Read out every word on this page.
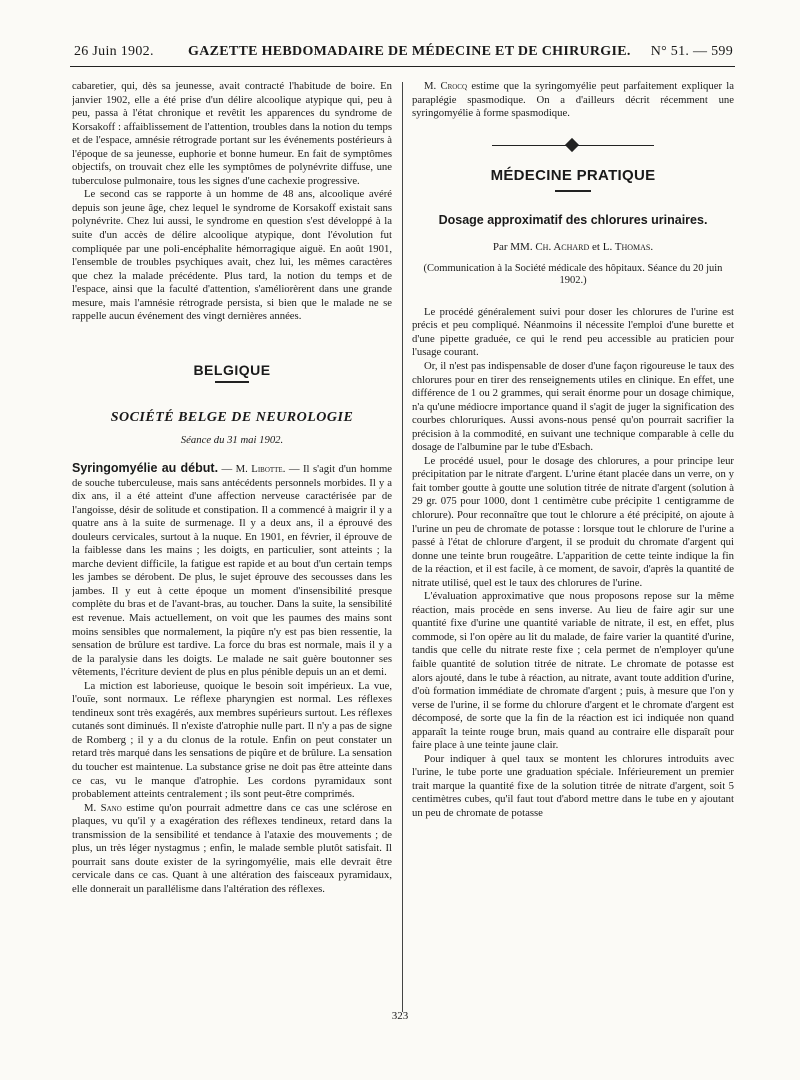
26 Juin 1902. GAZETTE HEBDOMADAIRE DE MÉDECINE ET DE CHIRURGIE. N° 51. — 599

cabaretier, qui, dès sa jeunesse, avait contracté l'habitude de boire. En janvier 1902, elle a été prise d'un délire alcoolique atypique qui, peu à peu, passa à l'état chronique et revêtit les apparences du syndrome de Korsakoff : affaiblissement de l'attention, troubles dans la notion du temps et de l'espace, amnésie rétrograde portant sur les événements postérieurs à l'époque de sa jeunesse, euphorie et bonne humeur. En fait de symptômes objectifs, on trouvait chez elle les symptômes de polynévrite diffuse, une tuberculose pulmonaire, tous les signes d'une cachexie progressive.

Le second cas se rapporte à un homme de 48 ans, alcoolique avéré depuis son jeune âge, chez lequel le syndrome de Korsakoff existait sans polynévrite. Chez lui aussi, le syndrome en question s'est développé à la suite d'un accès de délire alcoolique atypique, dont l'évolution fut compliquée par une poli-encéphalite hémorragique aiguë. En août 1901, l'ensemble de troubles psychiques avait, chez lui, les mêmes caractères que chez la malade précédente. Plus tard, la notion du temps et de l'espace, ainsi que la faculté d'attention, s'améliorèrent dans une grande mesure, mais l'amnésie rétrograde persista, si bien que le malade ne se rappelle aucun événement des vingt dernières années.

BELGIQUE
SOCIÉTÉ BELGE DE NEUROLOGIE
Séance du 31 mai 1902.

Syringomyélie au début. — M. Libotte. — Il s'agit d'un homme de souche tuberculeuse, mais sans antécédents personnels morbides. Il y a dix ans, il a été atteint d'une affection nerveuse caractérisée par de l'angoisse, désir de solitude et constipation. Il a commencé à maigrir il y a quatre ans à la suite de surmenage. Il y a deux ans, il a éprouvé des douleurs cervicales, surtout à la nuque. En 1901, en février, il éprouve de la faiblesse dans les mains ; les doigts, en particulier, sont atteints ; la marche devient difficile, la fatigue est rapide et au bout d'un certain temps les jambes se dérobent. De plus, le sujet éprouve des secousses dans les jambes. Il y eut à cette époque un moment d'insensibilité presque complète du bras et de l'avant-bras, au toucher. Dans la suite, la sensibilité est revenue. Mais actuellement, on voit que les paumes des mains sont moins sensibles que normalement, la piqûre n'y est pas bien ressentie, la sensation de brûlure est tardive. La force du bras est normale, mais il y a de la paralysie dans les doigts. Le malade ne sait guère boutonner ses vêtements, l'écriture devient de plus en plus pénible depuis un an et demi.

La miction est laborieuse, quoique le besoin soit impérieux. La vue, l'ouïe, sont normaux. Le réflexe pharyngien est normal. Les réflexes tendineux sont très exagérés, aux membres supérieurs surtout. Les réflexes cutanés sont diminués. Il n'existe d'atrophie nulle part. Il n'y a pas de signe de Romberg ; il y a du clonus de la rotule. Enfin on peut constater un retard très marqué dans les sensations de piqûre et de brûlure. La sensation du toucher est maintenue. La substance grise ne doit pas être atteinte dans ce cas, vu le manque d'atrophie. Les cordons pyramidaux sont probablement atteints centralement ; ils sont peut-être comprimés.

M. Sano estime qu'on pourrait admettre dans ce cas une sclérose en plaques, vu qu'il y a exagération des réflexes tendineux, retard dans la transmission de la sensibilité et tendance à l'ataxie des mouvements ; de plus, un très léger nystagmus ; enfin, le malade semble plutôt satisfait. Il pourrait sans doute exister de la syringomyélie, mais elle devrait être cervicale dans ce cas. Quant à une altération des faisceaux pyramidaux, elle donnerait un parallélisme dans l'altération des réflexes.

M. Crocq estime que la syringomyélie peut parfaitement expliquer la paraplégie spasmodique. On a d'ailleurs décrit récemment une syringomyélie à forme spasmodique.

MÉDECINE PRATIQUE
Dosage approximatif des chlorures urinaires.
Par MM. Ch. Achard et L. Thomas.
(Communication à la Société médicale des hôpitaux. Séance du 20 juin 1902.)

Le procédé généralement suivi pour doser les chlorures de l'urine est précis et peu compliqué. Néanmoins il nécessite l'emploi d'une burette et d'une pipette graduée, ce qui le rend peu accessible au praticien pour l'usage courant.

Or, il n'est pas indispensable de doser d'une façon rigoureuse le taux des chlorures pour en tirer des renseignements utiles en clinique. En effet, une différence de 1 ou 2 grammes, qui serait énorme pour un dosage chimique, n'a qu'une médiocre importance quand il s'agit de juger la signification des courbes chloruriques. Aussi avons-nous pensé qu'on pourrait sacrifier la précision à la commodité, en suivant une technique comparable à celle du dosage de l'albumine par le tube d'Esbach.

Le procédé usuel, pour le dosage des chlorures, a pour principe leur précipitation par le nitrate d'argent. L'urine étant placée dans un verre, on y fait tomber goutte à goutte une solution titrée de nitrate d'argent (solution à 29 gr. 075 pour 1000, dont 1 centimètre cube précipite 1 centigramme de chlorure). Pour reconnaître que tout le chlorure a été précipité, on ajoute à l'urine un peu de chromate de potasse : lorsque tout le chlorure de l'urine a passé à l'état de chlorure d'argent, il se produit du chromate d'argent qui donne une teinte brun rougeâtre. L'apparition de cette teinte indique la fin de la réaction, et il est facile, à ce moment, de savoir, d'après la quantité de nitrate utilisé, quel est le taux des chlorures de l'urine.

L'évaluation approximative que nous proposons repose sur la même réaction, mais procède en sens inverse. Au lieu de faire agir sur une quantité fixe d'urine une quantité variable de nitrate, il est, en effet, plus commode, si l'on opère au lit du malade, de faire varier la quantité d'urine, tandis que celle du nitrate reste fixe ; cela permet de n'employer qu'une faible quantité de solution titrée de nitrate. Le chromate de potasse est alors ajouté, dans le tube à réaction, au nitrate, avant toute addition d'urine, d'où formation immédiate de chromate d'argent ; puis, à mesure que l'on y verse de l'urine, il se forme du chlorure d'argent et le chromate d'argent est décomposé, de sorte que la fin de la réaction est ici indiquée non quand apparaît la teinte rouge brun, mais quand au contraire elle disparaît pour faire place à une teinte jaune clair.

Pour indiquer à quel taux se montent les chlorures introduits avec l'urine, le tube porte une graduation spéciale. Inférieurement un premier trait marque la quantité fixe de la solution titrée de nitrate d'argent, soit 5 centimètres cubes, qu'il faut tout d'abord mettre dans le tube en y ajoutant un peu de chromate de potasse

323
